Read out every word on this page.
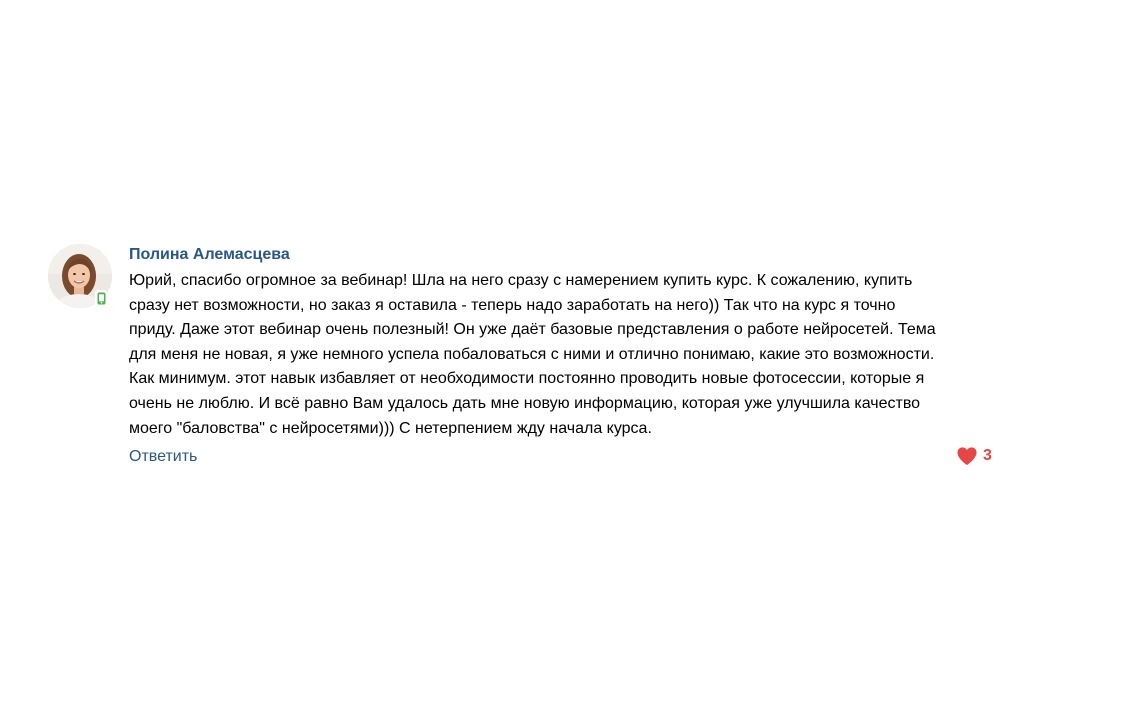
Полина Алемасцева
Юрий, спасибо огромное за вебинар! Шла на него сразу с намерением купить курс. К сожалению, купить
сразу нет возможности, но заказ я оставила - теперь надо заработать на него)) Так что на курс я точно
приду. Даже этот вебинар очень полезный! Он уже даёт базовые представления о работе нейросетей. Тема
для меня не новая, я уже немного успела побаловаться с ними и отлично понимаю, какие это возможности.
Как минимум. этот навык избавляет от необходимости постоянно проводить новые фотосессии, которые я
очень не люблю. И всё равно Вам удалось дать мне новую информацию, которая уже улучшила качество
моего "баловства" с нейросетями))) С нетерпением жду начала курса.
Ответить	3
